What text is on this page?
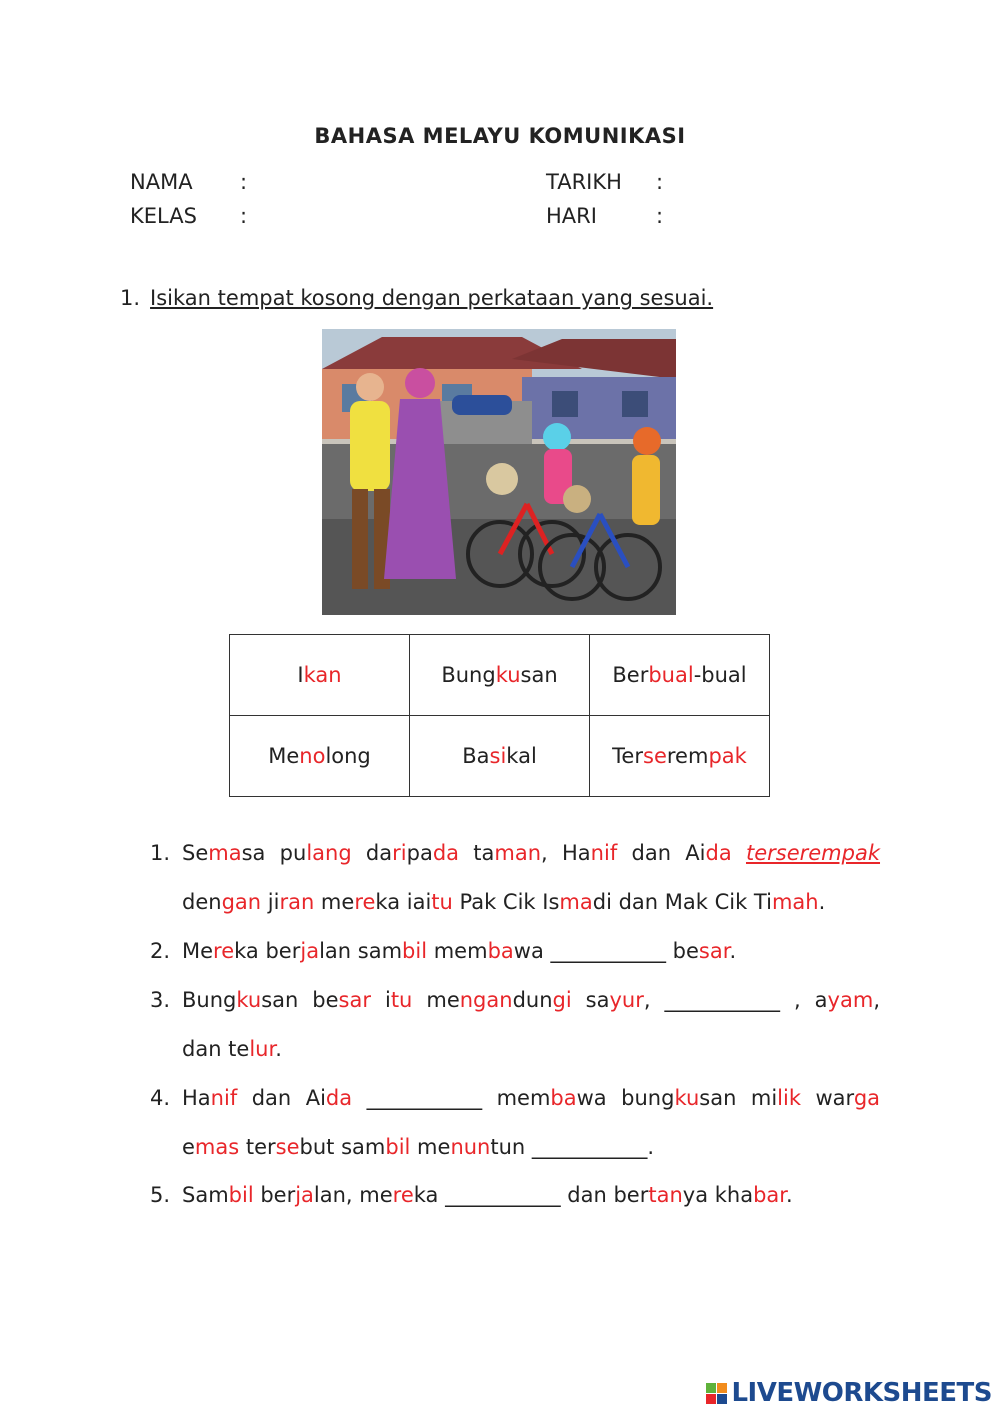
BAHASA MELAYU KOMUNIKASI
NAMA :
KELAS :
TARIKH :
HARI	:
1. Isikan tempat kosong dengan perkataan yang sesuai.
Ikan	Bungkusan	Berbual-bual
Menolong	Basikal	Terserempak
1. Semasa pulang daripada taman, Hanif dan Aida terserempak
dengan jiran mereka iaitu Pak Cik Ismadi dan Mak Cik Timah.
2. Mereka berjalan sambil membawa ___________ besar.
3. Bungkusan besar itu mengandungi sayur, ___________ , ayam,
dan telur.
4. Hanif dan Aida ___________ membawa bungkusan milik warga
emas tersebut sambil menuntun ___________.
5. Sambil berjalan, mereka ___________ dan bertanya khabar.
LIVEWORKSHEETS
